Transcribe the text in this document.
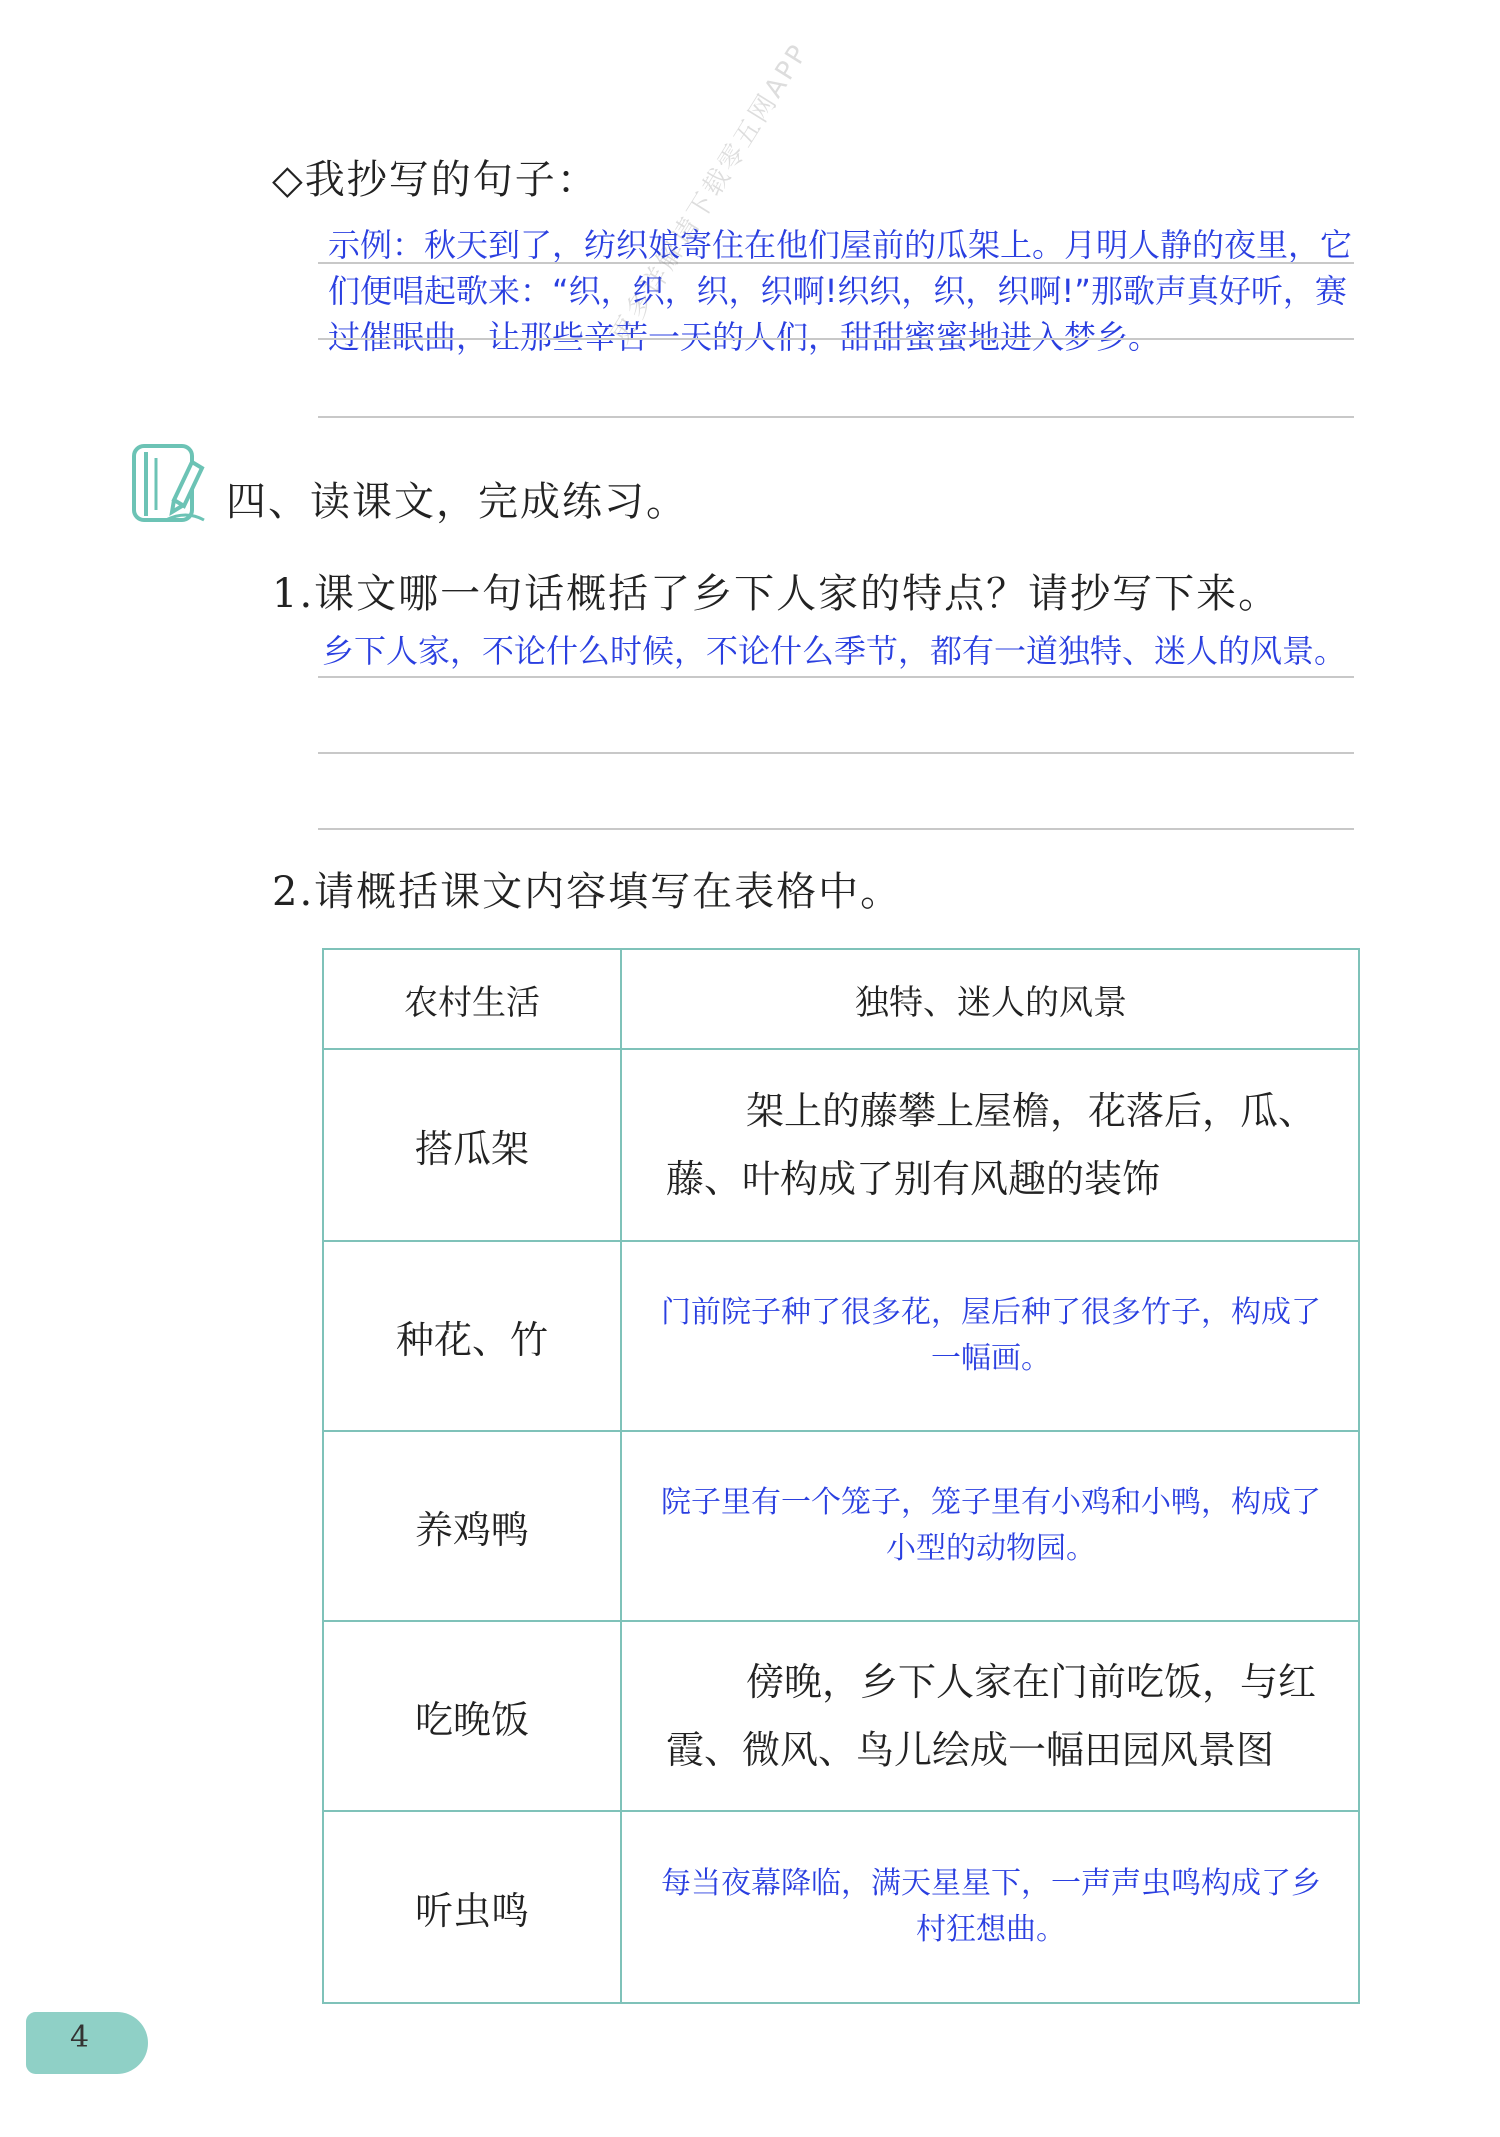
◇我抄写的句子：
示例：秋天到了，纺织娘寄住在他们屋前的瓜架上。月明人静的夜里，它
们便唱起歌来：“织，织，织，织啊!织织，织，织啊!”那歌声真好听，赛
过催眠曲，让那些辛苦一天的人们，甜甜蜜蜜地进入梦乡。
四、读课文，完成练习。
更多详解请下载零五网APP
1.课文哪一句话概括了乡下人家的特点？请抄写下来。
乡下人家，不论什么时候，不论什么季节，都有一道独特、迷人的风景。
2.请概括课文内容填写在表格中。
农村生活	独特、迷人的风景
搭瓜架
架上的藤攀上屋檐，花落后，瓜、
藤、叶构成了别有风趣的装饰
种花、竹
门前院子种了很多花，屋后种了很多竹子，构成了
一幅画。
养鸡鸭
院子里有一个笼子，笼子里有小鸡和小鸭，构成了
小型的动物园。
吃晚饭
傍晚，乡下人家在门前吃饭，与红
霞、微风、鸟儿绘成一幅田园风景图
听虫鸣
每当夜幕降临，满天星星下，一声声虫鸣构成了乡
村狂想曲。
4
